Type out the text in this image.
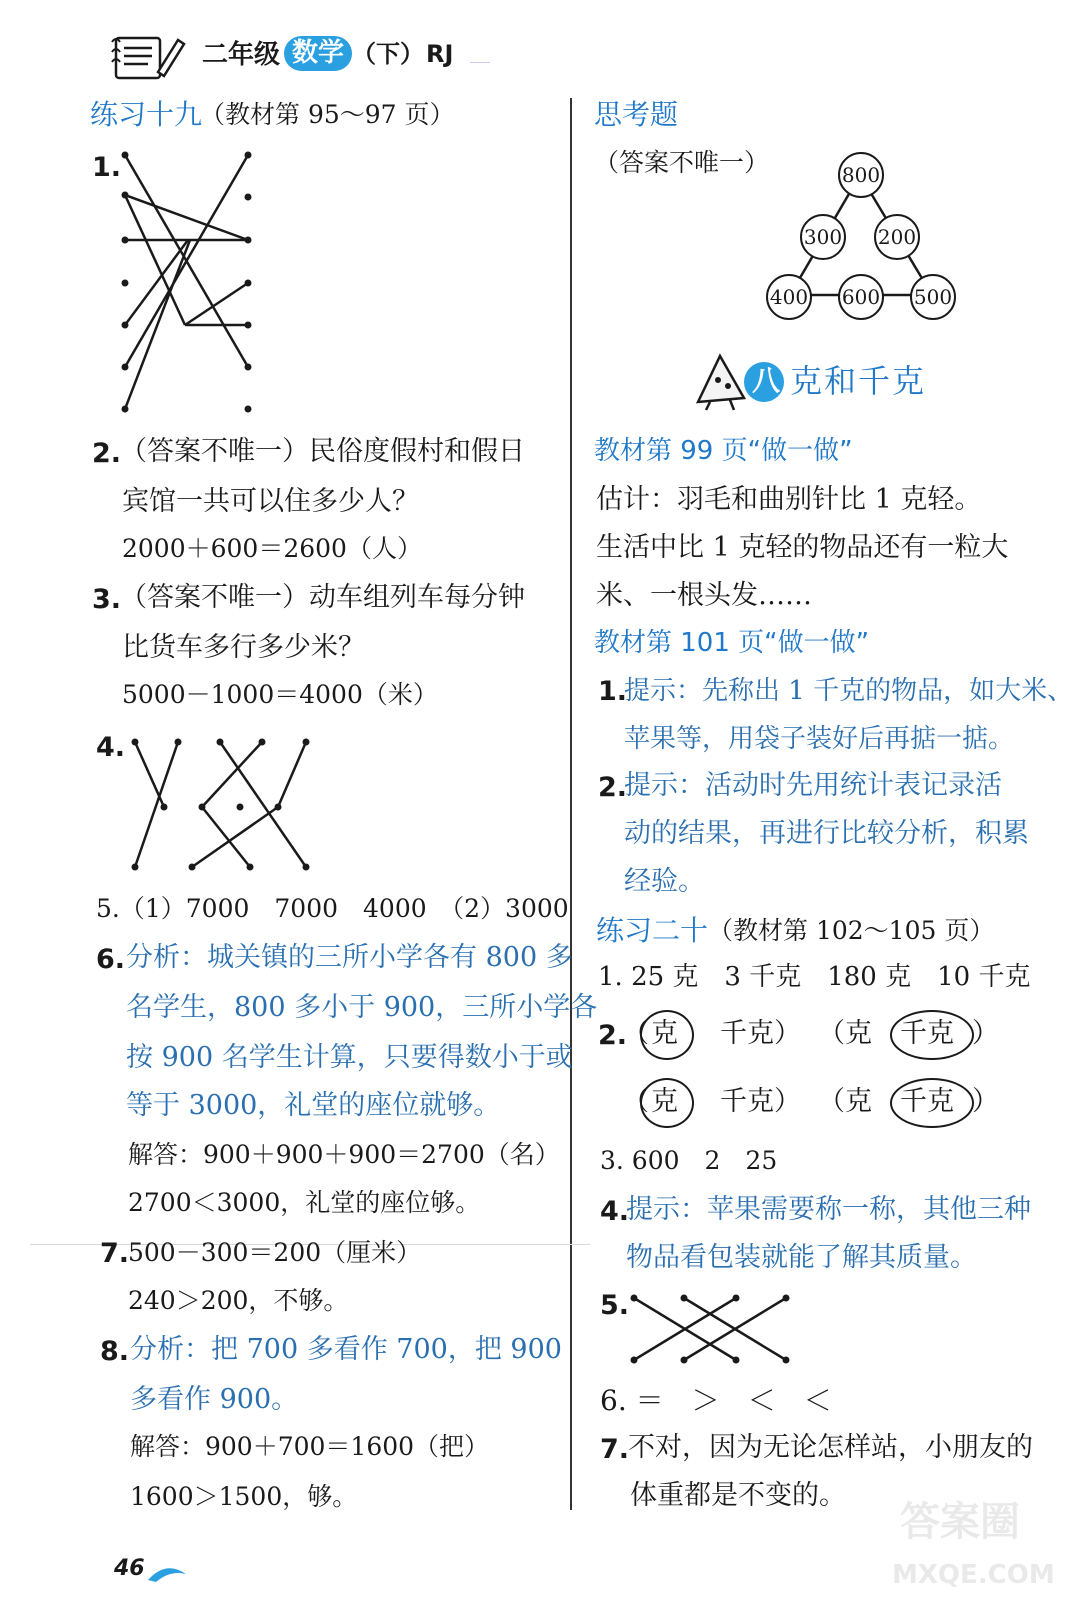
二年级 数学 （下） RJ
练习十九
（教材第 95～97 页）
1.
2.
（答案不唯一）民俗度假村和假日
宾馆一共可以住多少人？
2000＋600＝2600（人）
3.
（答案不唯一）动车组列车每分钟
比货车多行多少米？
5000－1000＝4000（米）
4.
5.（1）7000　7000　4000　（2）3000
6. 分析：城关镇的三所小学各有 800 多
名学生，800 多小于 900，三所小学各
按 900 名学生计算，只要得数小于或
等于 3000，礼堂的座位就够。
解答：900＋900＋900＝2700（名）
2700＜3000，礼堂的座位够。
7.
500－300＝200（厘米）
240＞200，不够。
8. 分析：把 700 多看作 700，把 900
多看作 900。
解答：900＋700＝1600（把）
1600＞1500，够。
46
思考题
（答案不唯一）	800
300 200
400 600 500
八 克和千克
教材第 99 页“做一做”
估计：羽毛和曲别针比 1 克轻。
生活中比 1 克轻的物品还有一粒大
米、一根头发……
教材第 101 页“做一做”
1.
提示：先称出 1 千克的物品，如大米、
苹果等，用袋子装好后再掂一掂。
2.
提示：活动时先用统计表记录活
动的结果，再进行比较分析，积累
经验。
练习二十 （教材第 102～105 页）
1. 25 克　3 千克　180 克　10 千克
2.
（ 克 千克） （克 千克 ）
（ 克 千克） （克 千克 ）
3. 600　2　25
4.
提示：苹果需要称一称，其他三种
物品看包装就能了解其质量。
5.
6. ＝　＞　＜　＜
7.
不对，因为无论怎样站，小朋友的
体重都是不变的。
答案圈
MXQE.COM
